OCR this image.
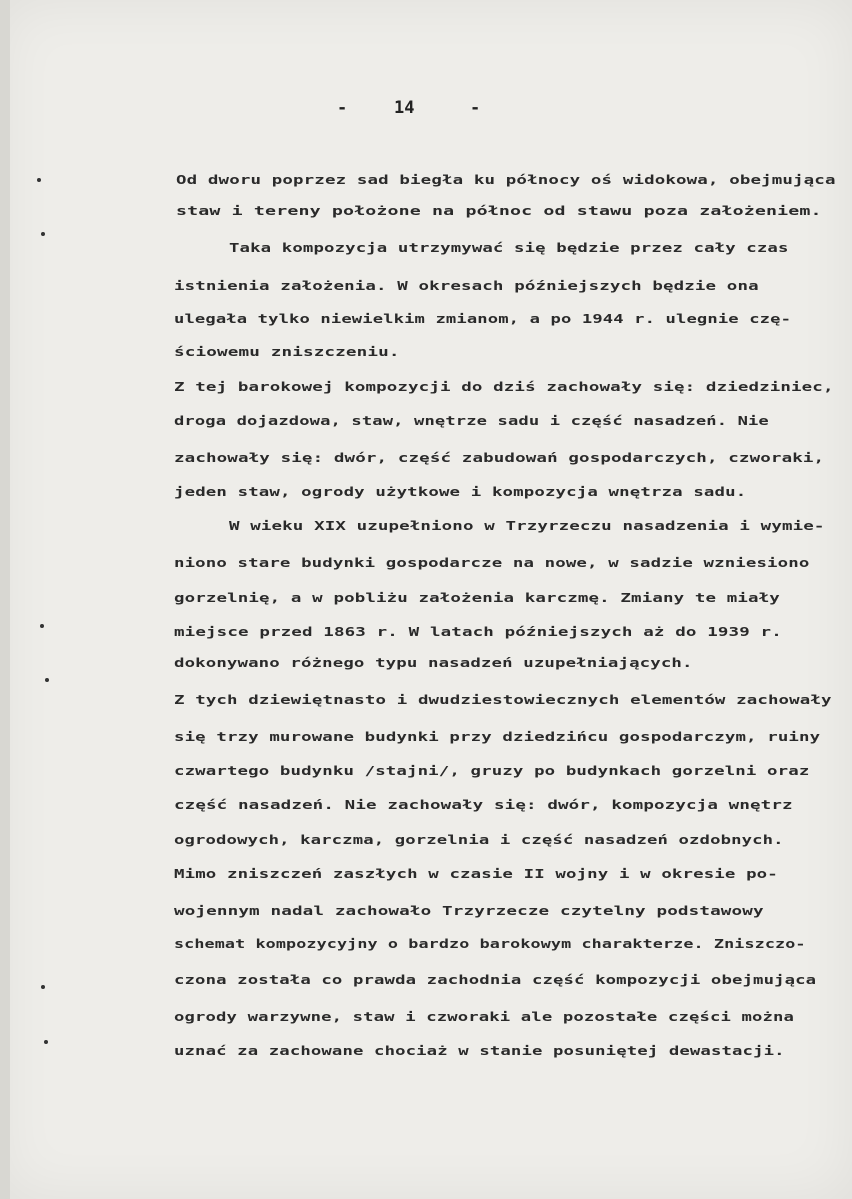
-	14	-

Od dworu poprzez sad biegła ku północy oś widokowa, obejmująca

staw i tereny położone na północ od stawu poza założeniem.

Taka kompozycja utrzymywać się będzie przez cały czas

istnienia założenia. W okresach późniejszych będzie ona

ulegała tylko niewielkim zmianom, a po 1944 r. ulegnie czę-

ściowemu zniszczeniu.

Z tej barokowej kompozycji do dziś zachowały się: dziedziniec,

droga dojazdowa, staw, wnętrze sadu i część nasadzeń. Nie

zachowały się: dwór, część zabudowań gospodarczych, czworaki,

jeden staw, ogrody użytkowe i kompozycja wnętrza sadu.

W wieku XIX uzupełniono w Trzyrzeczu nasadzenia i wymie-

niono stare budynki gospodarcze na nowe, w sadzie wzniesiono

gorzelnię, a w pobliżu założenia karczmę. Zmiany te miały

miejsce przed 1863 r. W latach późniejszych aż do 1939 r.

dokonywano różnego typu nasadzeń uzupełniających.

Z tych dziewiętnasto i dwudziestowiecznych elementów zachowały

się trzy murowane budynki przy dziedzińcu gospodarczym, ruiny

czwartego budynku /stajni/, gruzy po budynkach gorzelni oraz

część nasadzeń. Nie zachowały się: dwór, kompozycja wnętrz

ogrodowych, karczma, gorzelnia i część nasadzeń ozdobnych.

Mimo zniszczeń zaszłych w czasie II wojny i w okresie po-

wojennym nadal zachowało Trzyrzecze czytelny podstawowy

schemat kompozycyjny o bardzo barokowym charakterze. Zniszczo-

czona została co prawda zachodnia część kompozycji obejmująca

ogrody warzywne, staw i czworaki ale pozostałe części można

uznać za zachowane chociaż w stanie posuniętej dewastacji.
